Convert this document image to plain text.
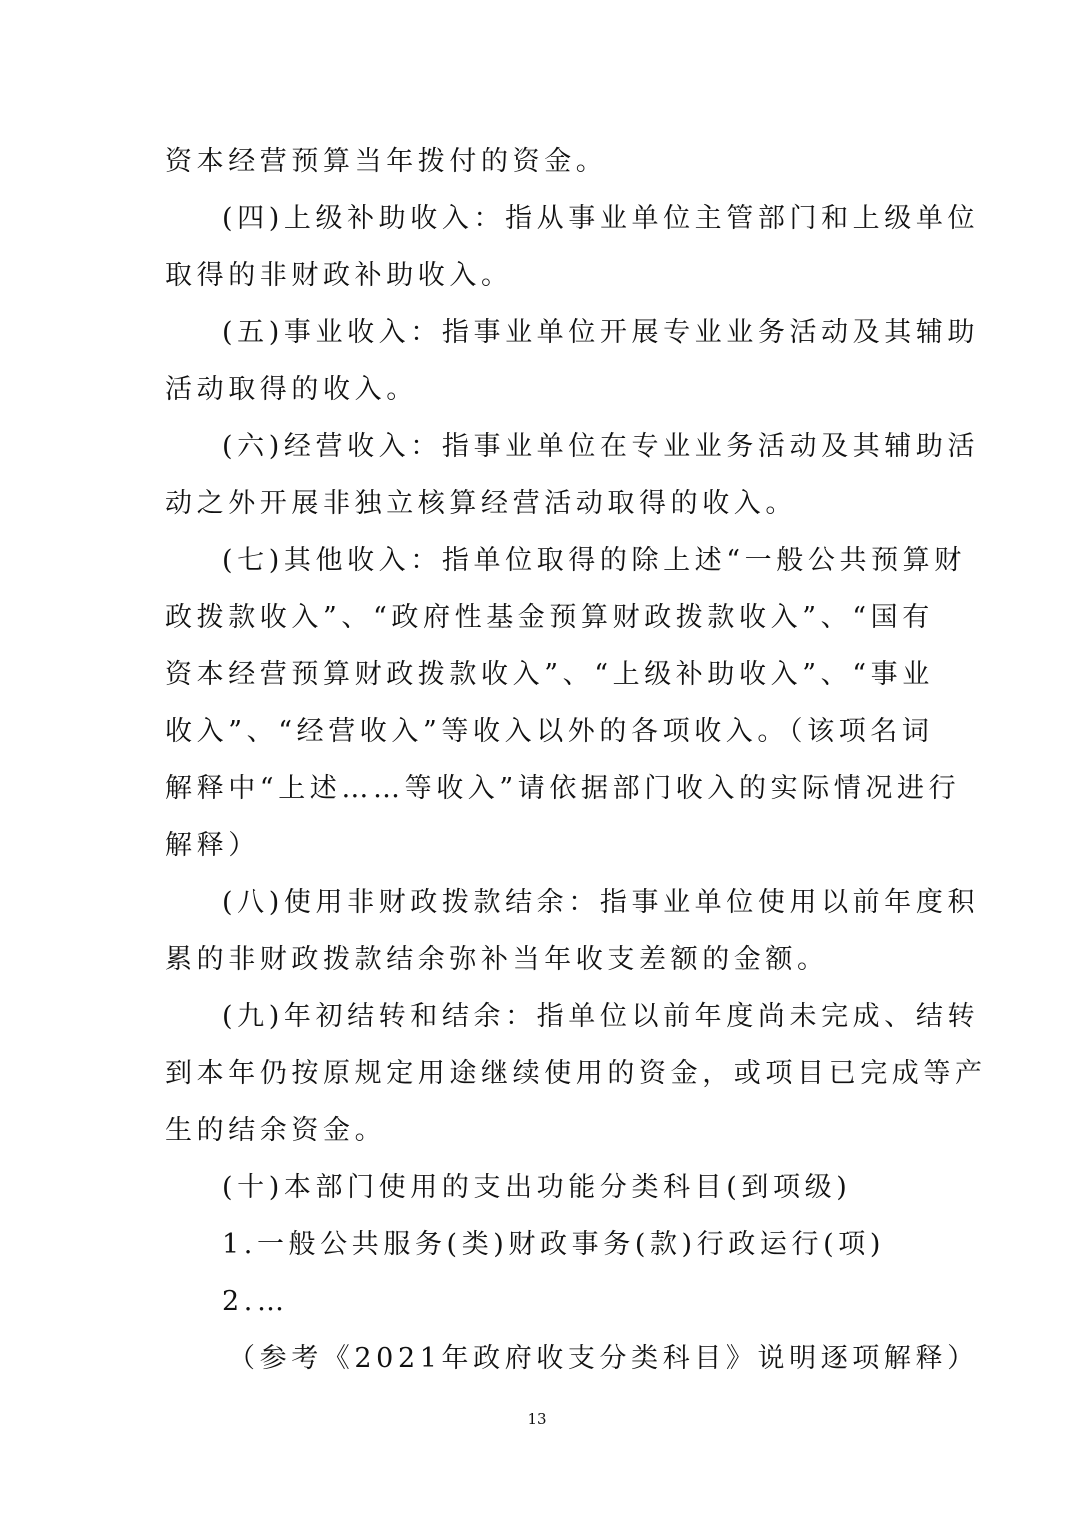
资本经营预算当年拨付的资金。
(四)上级补助收入：指从事业单位主管部门和上级单位
取得的非财政补助收入。
(五)事业收入：指事业单位开展专业业务活动及其辅助
活动取得的收入。
(六)经营收入：指事业单位在专业业务活动及其辅助活
动之外开展非独立核算经营活动取得的收入。
(七)其他收入：指单位取得的除上述“一般公共预算财
政拨款收入”、“政府性基金预算财政拨款收入”、“国有
资本经营预算财政拨款收入”、“上级补助收入”、“事业
收入”、“经营收入”等收入以外的各项收入。（该项名词
解释中“上述……等收入”请依据部门收入的实际情况进行
解释）
(八)使用非财政拨款结余：指事业单位使用以前年度积
累的非财政拨款结余弥补当年收支差额的金额。
(九)年初结转和结余：指单位以前年度尚未完成、结转
到本年仍按原规定用途继续使用的资金，或项目已完成等产
生的结余资金。
(十)本部门使用的支出功能分类科目(到项级)
1.一般公共服务(类)财政事务(款)行政运行(项)
2.…
（参考《2021年政府收支分类科目》说明逐项解释）
13
